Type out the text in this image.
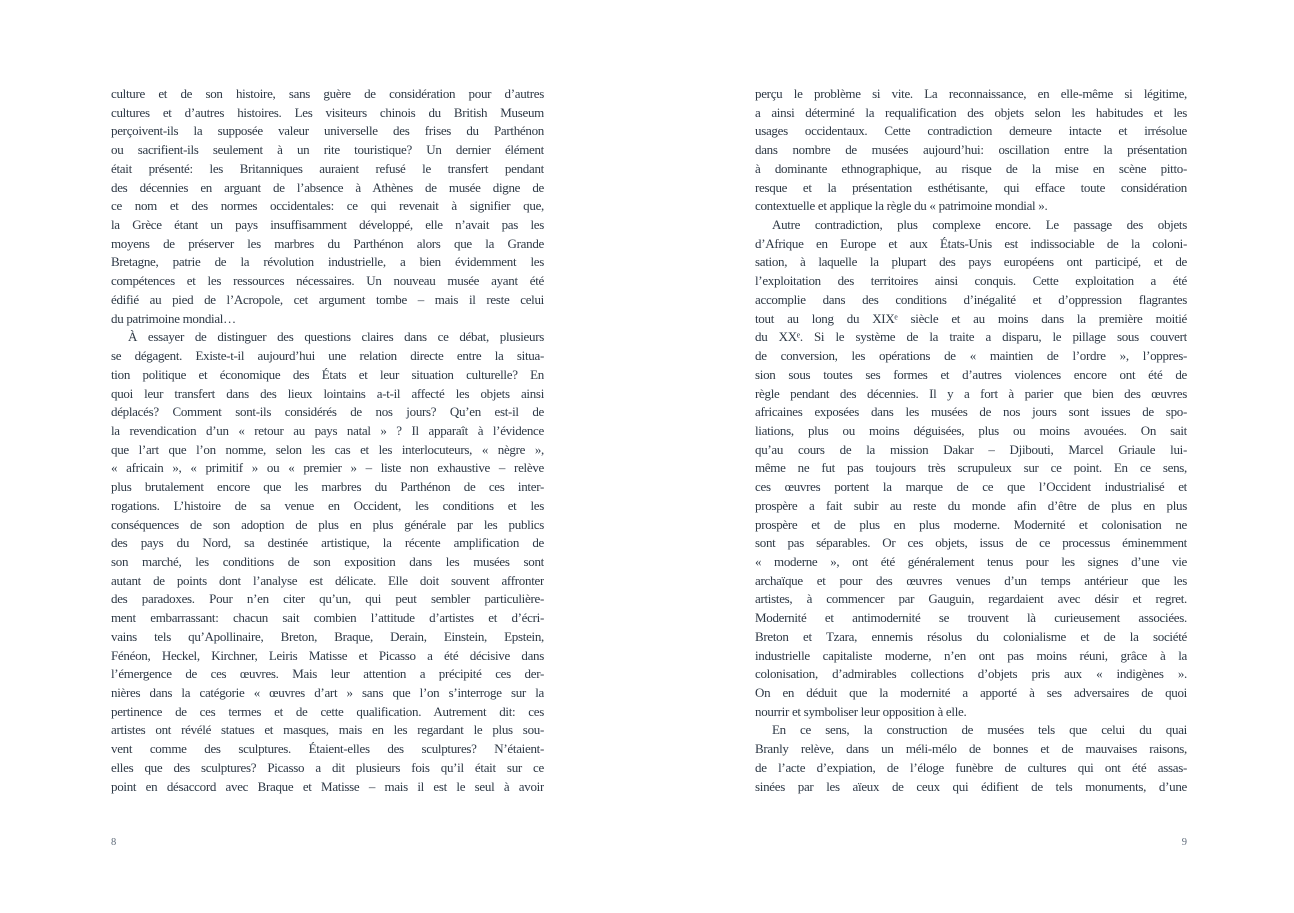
culture et de son histoire, sans guère de considération pour d’autres
cultures et d’autres histoires. Les visiteurs chinois du British Museum
perçoivent-ils la supposée valeur universelle des frises du Parthénon
ou sacrifient-ils seulement à un rite touristique? Un dernier élément
était présenté: les Britanniques auraient refusé le transfert pendant
des décennies en arguant de l’absence à Athènes de musée digne de
ce nom et des normes occidentales: ce qui revenait à signifier que,
la Grèce étant un pays insuffisamment développé, elle n’avait pas les
moyens de préserver les marbres du Parthénon alors que la Grande
Bretagne, patrie de la révolution industrielle, a bien évidemment les
compétences et les ressources nécessaires. Un nouveau musée ayant été
édifié au pied de l’Acropole, cet argument tombe – mais il reste celui
du patrimoine mondial…
À essayer de distinguer des questions claires dans ce débat, plusieurs
se dégagent. Existe-t-il aujourd’hui une relation directe entre la situa-
tion politique et économique des États et leur situation culturelle? En
quoi leur transfert dans des lieux lointains a-t-il affecté les objets ainsi
déplacés? Comment sont-ils considérés de nos jours? Qu’en est-il de
la revendication d’un « retour au pays natal » ? Il apparaît à l’évidence
que l’art que l’on nomme, selon les cas et les interlocuteurs, « nègre »,
« africain », « primitif » ou « premier » – liste non exhaustive – relève
plus brutalement encore que les marbres du Parthénon de ces inter-
rogations. L’histoire de sa venue en Occident, les conditions et les
conséquences de son adoption de plus en plus générale par les publics
des pays du Nord, sa destinée artistique, la récente amplification de
son marché, les conditions de son exposition dans les musées sont
autant de points dont l’analyse est délicate. Elle doit souvent affronter
des paradoxes. Pour n’en citer qu’un, qui peut sembler particulière-
ment embarrassant: chacun sait combien l’attitude d’artistes et d’écri-
vains tels qu’Apollinaire, Breton, Braque, Derain, Einstein, Epstein,
Fénéon, Heckel, Kirchner, Leiris Matisse et Picasso a été décisive dans
l’émergence de ces œuvres. Mais leur attention a précipité ces der-
nières dans la catégorie « œuvres d’art » sans que l’on s’interroge sur la
pertinence de ces termes et de cette qualification. Autrement dit: ces
artistes ont révélé statues et masques, mais en les regardant le plus sou-
vent comme des sculptures. Étaient-elles des sculptures? N’étaient-
elles que des sculptures? Picasso a dit plusieurs fois qu’il était sur ce
point en désaccord avec Braque et Matisse – mais il est le seul à avoir
8
perçu le problème si vite. La reconnaissance, en elle-même si légitime,
a ainsi déterminé la requalification des objets selon les habitudes et les
usages occidentaux. Cette contradiction demeure intacte et irrésolue
dans nombre de musées aujourd’hui: oscillation entre la présentation
à dominante ethnographique, au risque de la mise en scène pitto-
resque et la présentation esthétisante, qui efface toute considération
contextuelle et applique la règle du « patrimoine mondial ».
Autre contradiction, plus complexe encore. Le passage des objets
d’Afrique en Europe et aux États-Unis est indissociable de la coloni-
sation, à laquelle la plupart des pays européens ont participé, et de
l’exploitation des territoires ainsi conquis. Cette exploitation a été
accomplie dans des conditions d’inégalité et d’oppression flagrantes
tout au long du XIXᵉ siècle et au moins dans la première moitié
du XXᵉ. Si le système de la traite a disparu, le pillage sous couvert
de conversion, les opérations de « maintien de l’ordre », l’oppres-
sion sous toutes ses formes et d’autres violences encore ont été de
règle pendant des décennies. Il y a fort à parier que bien des œuvres
africaines exposées dans les musées de nos jours sont issues de spo-
liations, plus ou moins déguisées, plus ou moins avouées. On sait
qu’au cours de la mission Dakar – Djibouti, Marcel Griaule lui-
même ne fut pas toujours très scrupuleux sur ce point. En ce sens,
ces œuvres portent la marque de ce que l’Occident industrialisé et
prospère a fait subir au reste du monde afin d’être de plus en plus
prospère et de plus en plus moderne. Modernité et colonisation ne
sont pas séparables. Or ces objets, issus de ce processus éminemment
« moderne », ont été généralement tenus pour les signes d’une vie
archaïque et pour des œuvres venues d’un temps antérieur que les
artistes, à commencer par Gauguin, regardaient avec désir et regret.
Modernité et antimodernité se trouvent là curieusement associées.
Breton et Tzara, ennemis résolus du colonialisme et de la société
industrielle capitaliste moderne, n’en ont pas moins réuni, grâce à la
colonisation, d’admirables collections d’objets pris aux « indigènes ».
On en déduit que la modernité a apporté à ses adversaires de quoi
nourrir et symboliser leur opposition à elle.
En ce sens, la construction de musées tels que celui du quai
Branly relève, dans un méli-mélo de bonnes et de mauvaises raisons,
de l’acte d’expiation, de l’éloge funèbre de cultures qui ont été assas-
sinées par les aïeux de ceux qui édifient de tels monuments, d’une
9
